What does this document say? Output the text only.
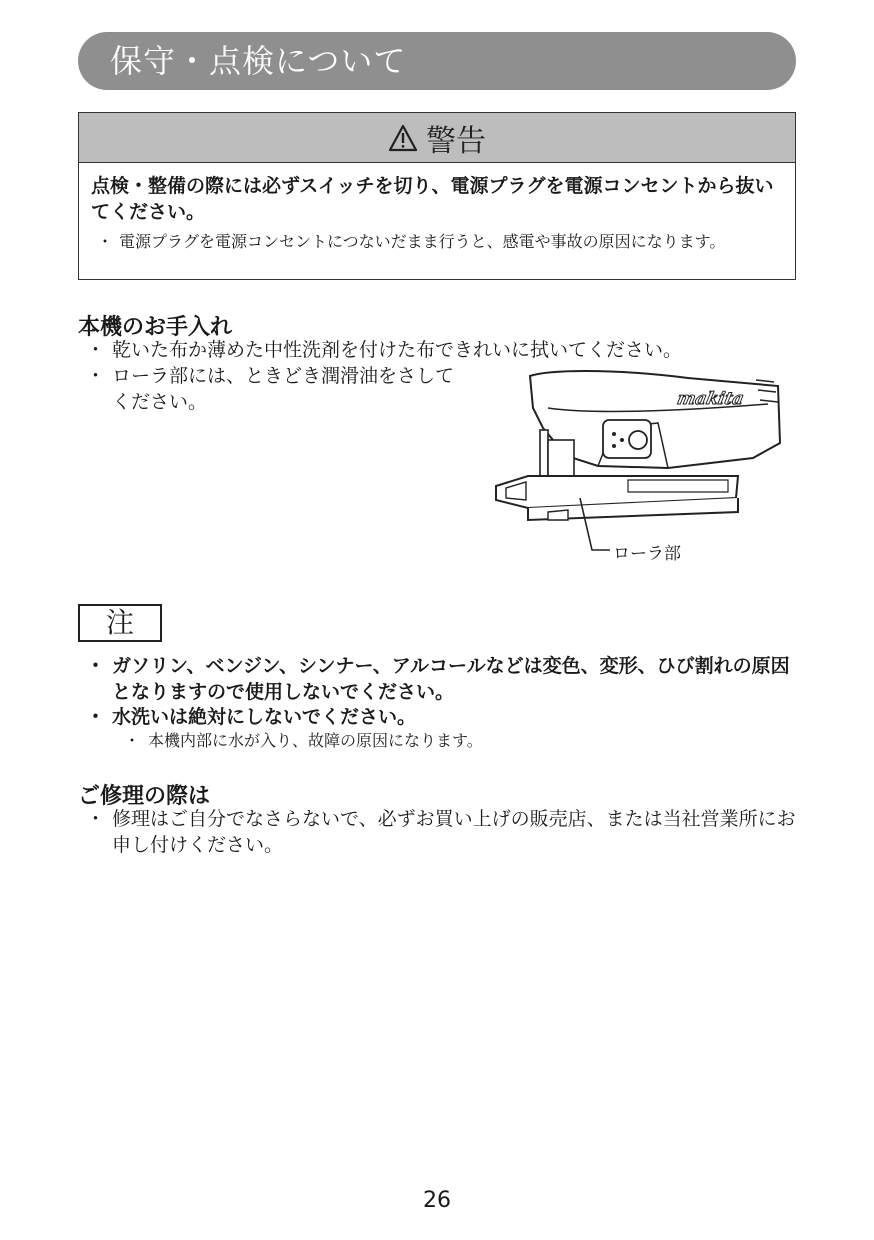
保守・点検について
警告
点検・整備の際には必ずスイッチを切り、電源プラグを電源コンセントから抜いてください。
・ 電源プラグを電源コンセントにつないだまま行うと、感電や事故の原因になります。
本機のお手入れ
・ 乾いた布か薄めた中性洗剤を付けた布できれいに拭いてください。
・ ローラ部には、ときどき潤滑油をさしてください。	makita
ローラ部
注
・ ガソリン、ベンジン、シンナー、アルコールなどは変色、変形、ひび割れの原因となりますので使用しないでください。
・ 水洗いは絶対にしないでください。
・ 本機内部に水が入り、故障の原因になります。
ご修理の際は
・ 修理はご自分でなさらないで、必ずお買い上げの販売店、または当社営業所にお申し付けください。
26
